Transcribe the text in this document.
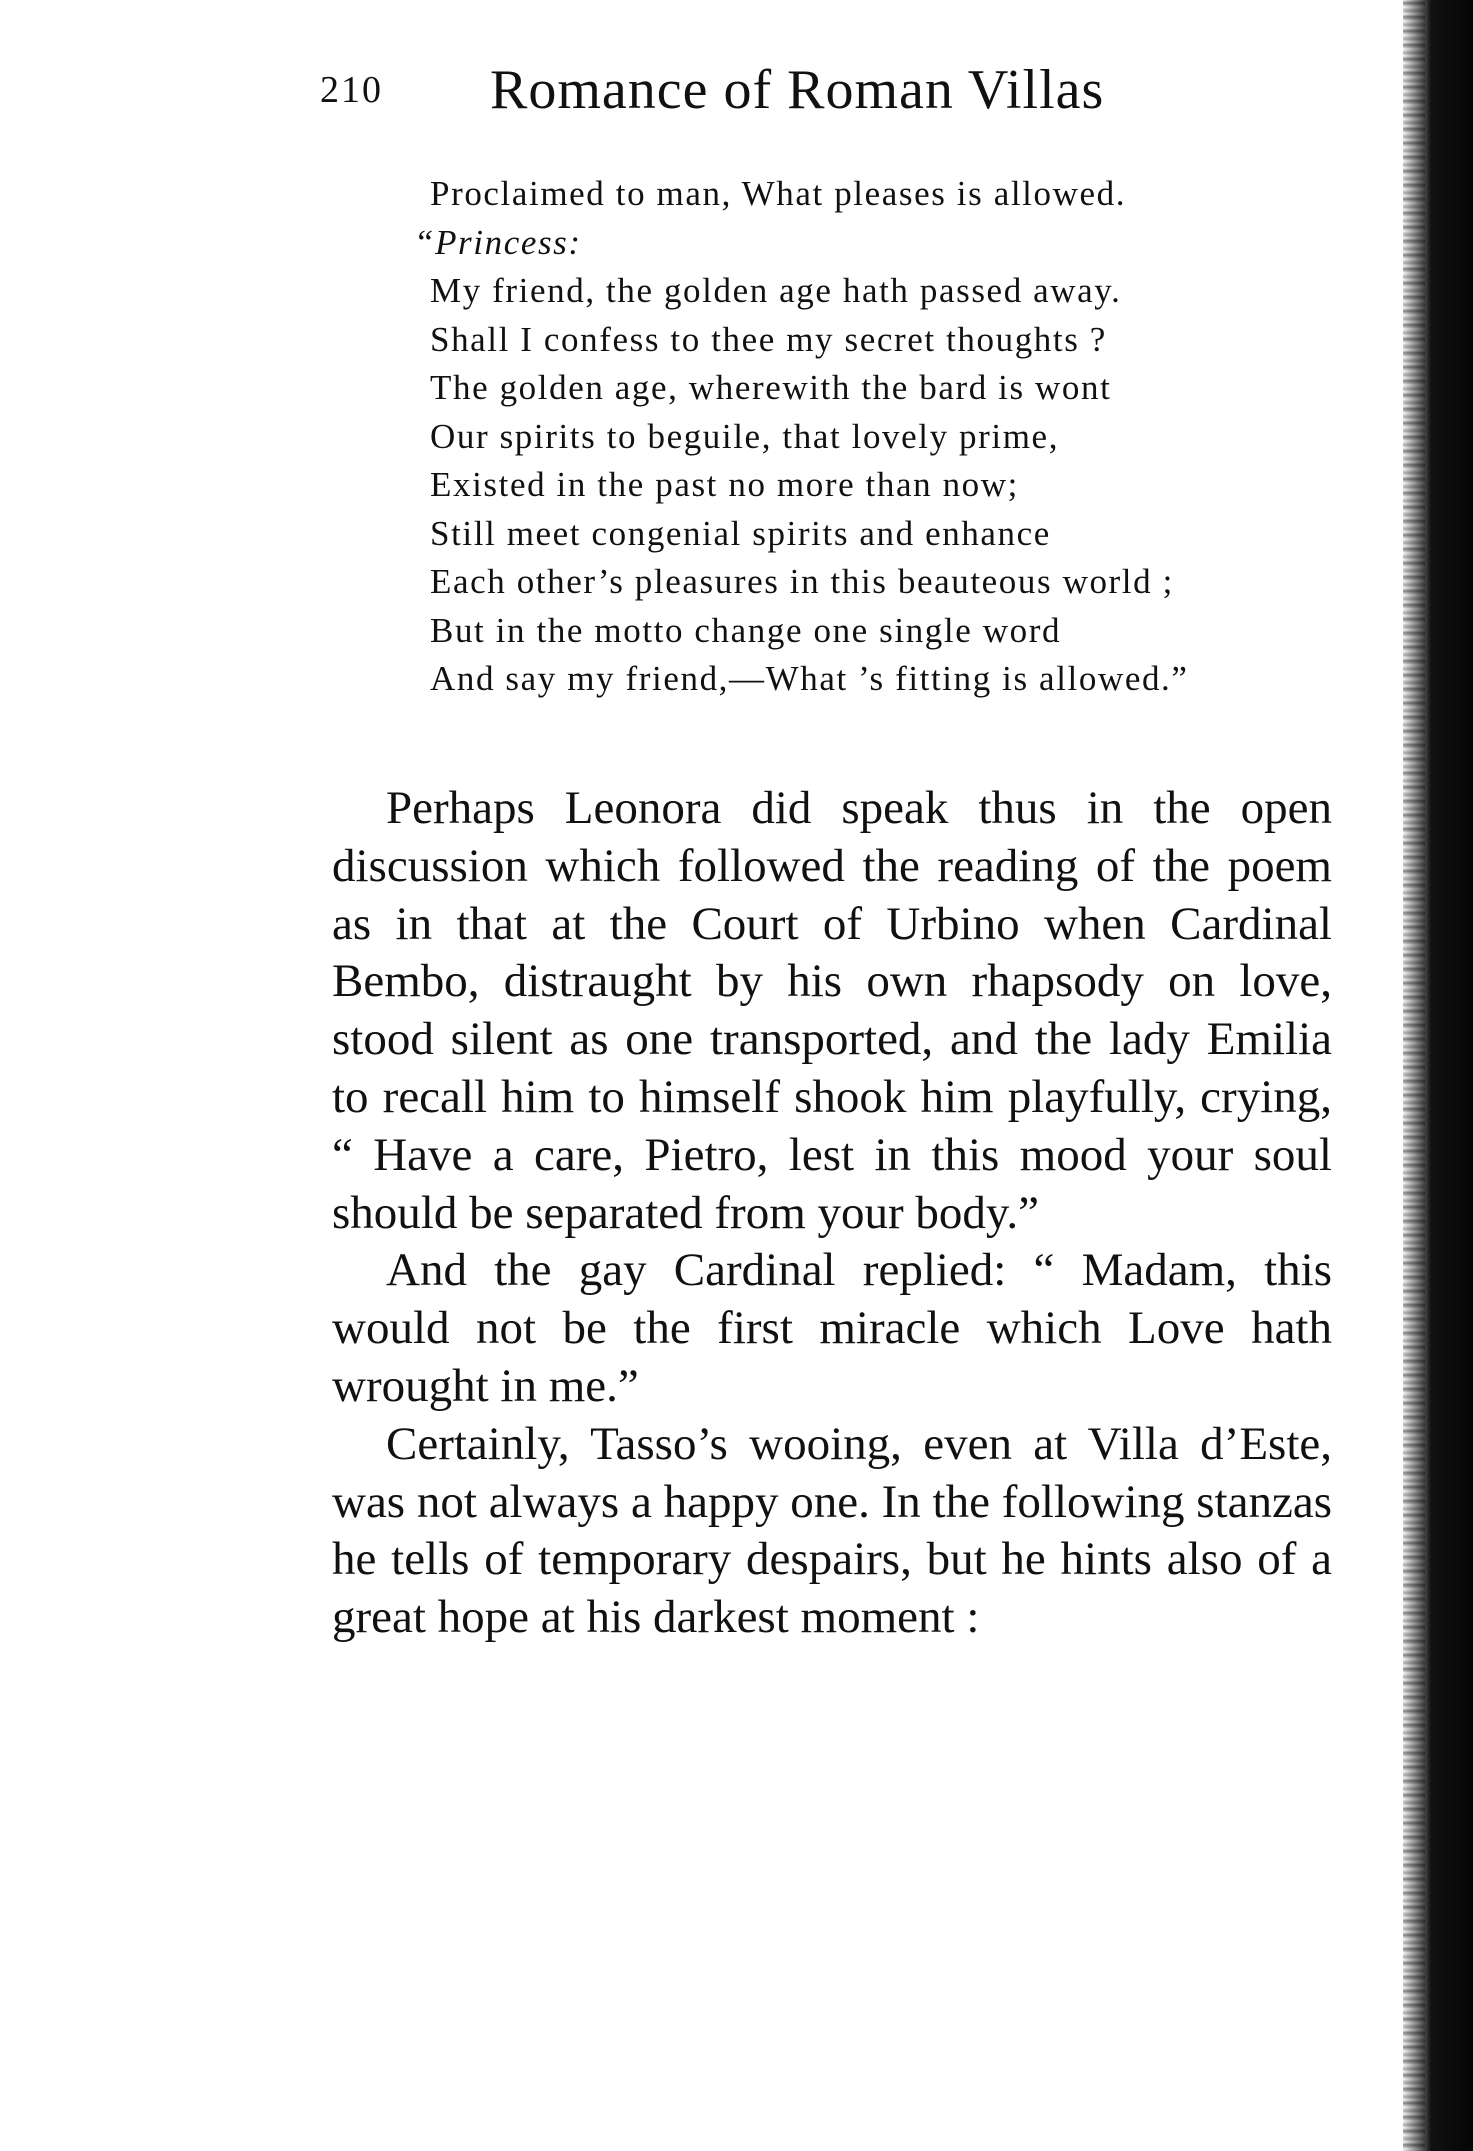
210 Romance of Roman Villas
Proclaimed to man, What pleases is allowed.
“Princess:
My friend, the golden age hath passed away.
Shall I confess to thee my secret thoughts ?
The golden age, wherewith the bard is wont
Our spirits to beguile, that lovely prime,
Existed in the past no more than now;
Still meet congenial spirits and enhance
Each other’s pleasures in this beauteous world ;
But in the motto change one single word
And say my friend,—What ’s fitting is allowed.”

Perhaps Leonora did speak thus in the open discussion which followed the reading of the poem as in that at the Court of Urbino when Cardinal Bembo, distraught by his own rhapsody on love, stood silent as one transported, and the lady Emilia to recall him to himself shook him playfully, crying, “ Have a care, Pietro, lest in this mood your soul should be separated from your body.”

And the gay Cardinal replied: “ Madam, this would not be the first miracle which Love hath wrought in me.”

Certainly, Tasso’s wooing, even at Villa d’Este, was not always a happy one. In the following stanzas he tells of temporary despairs, but he hints also of a great hope at his darkest moment :
